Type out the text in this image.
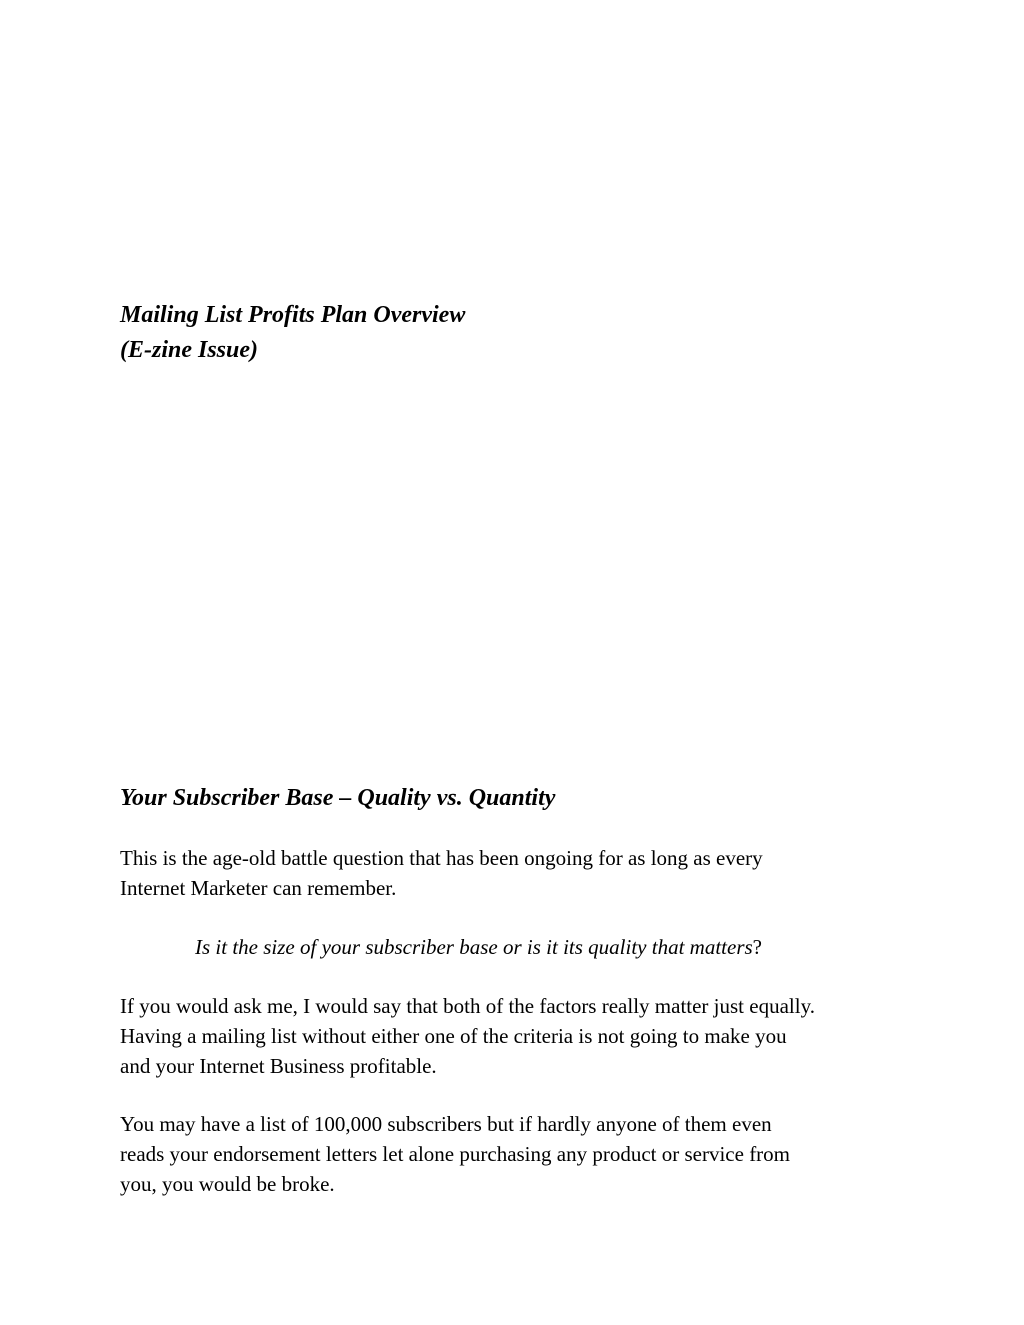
Mailing List Profits Plan Overview
(E-zine Issue)
Your Subscriber Base – Quality vs. Quantity

This is the age-old battle question that has been ongoing for as long as every
Internet Marketer can remember.

Is it the size of your subscriber base or is it its quality that matters?

If you would ask me, I would say that both of the factors really matter just equally.
Having a mailing list without either one of the criteria is not going to make you
and your Internet Business profitable.

You may have a list of 100,000 subscribers but if hardly anyone of them even
reads your endorsement letters let alone purchasing any product or service from
you, you would be broke.
